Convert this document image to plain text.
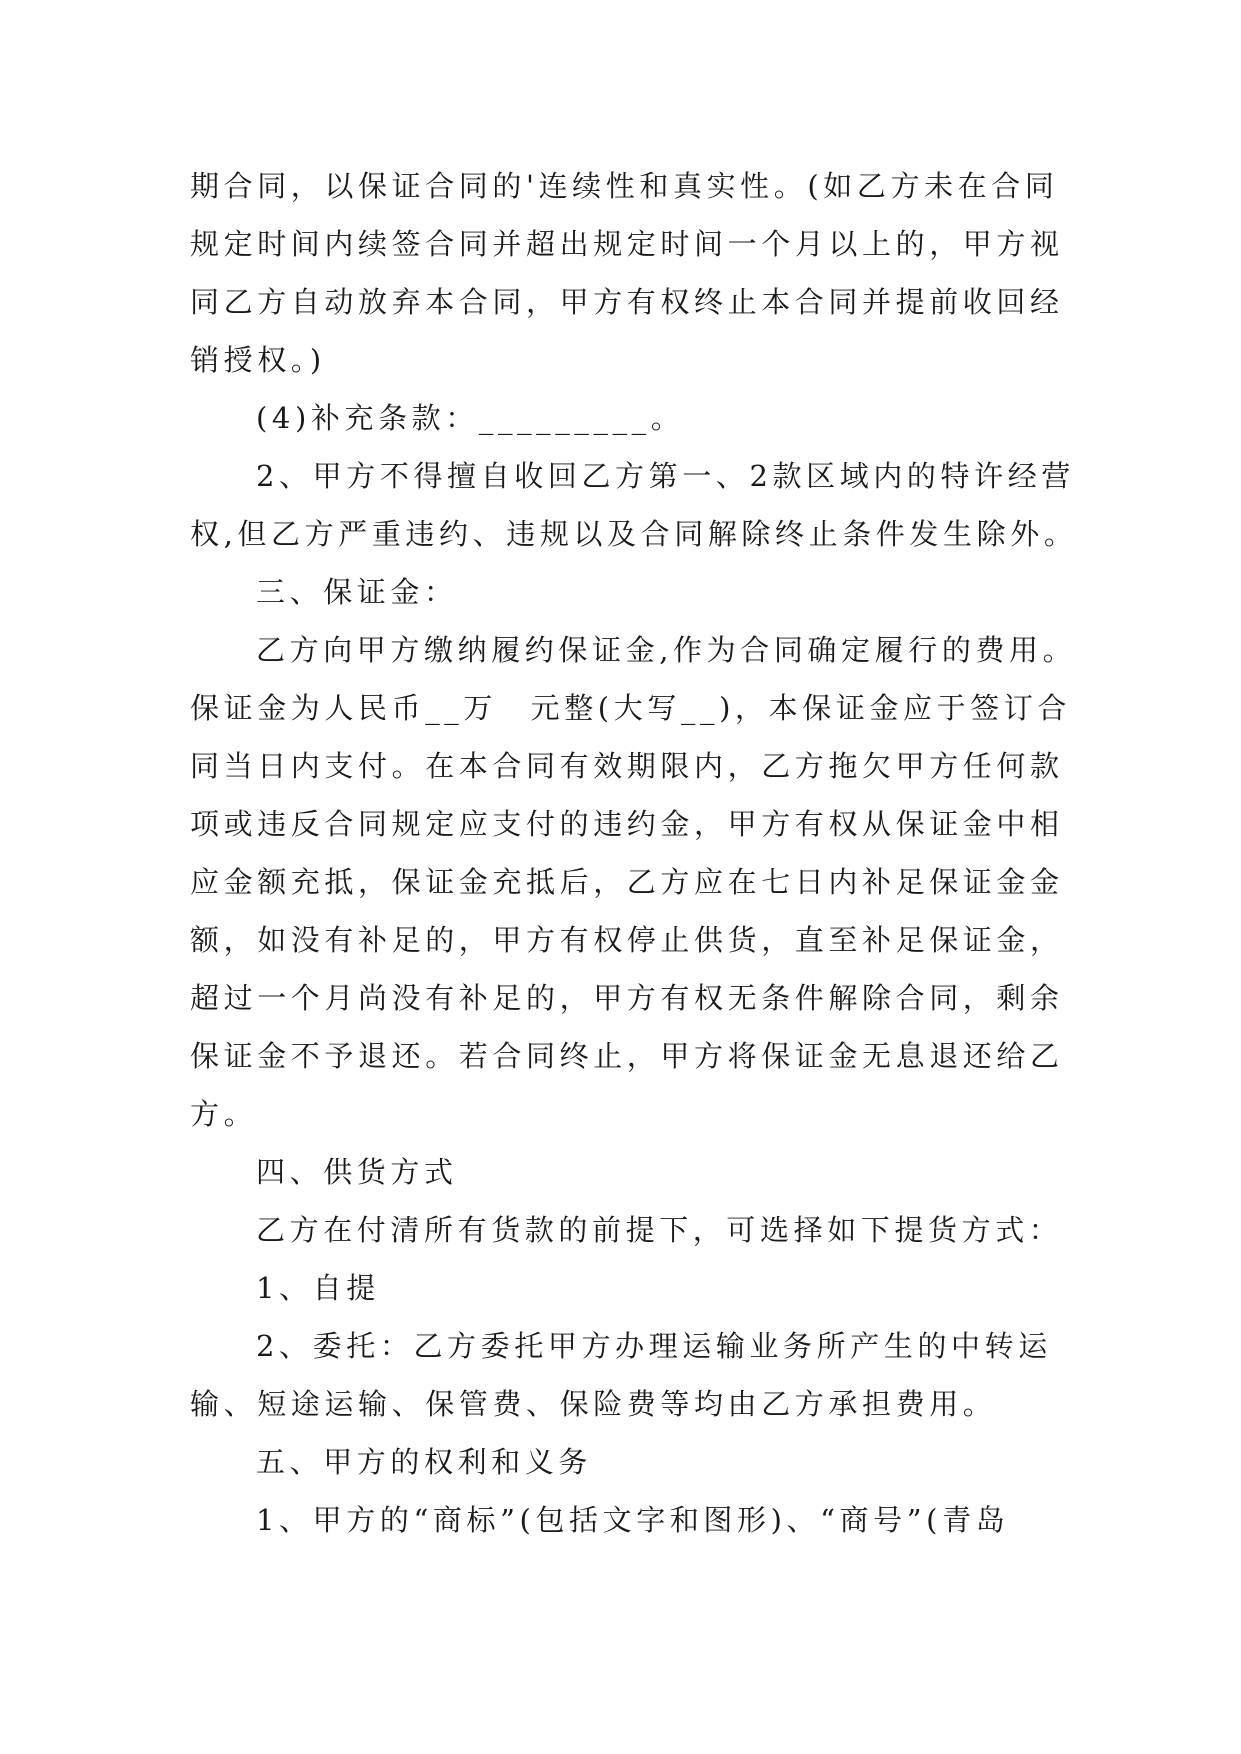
期合同，以保证合同的'连续性和真实性。(如乙方未在合同
规定时间内续签合同并超出规定时间一个月以上的，甲方视
同乙方自动放弃本合同，甲方有权终止本合同并提前收回经
销授权。)
(4)补充条款：_________。
2、甲方不得擅自收回乙方第一、2款区域内的特许经营
权,但乙方严重违约、违规以及合同解除终止条件发生除外。
三、保证金：
乙方向甲方缴纳履约保证金,作为合同确定履行的费用。
保证金为人民币__万　元整(大写__)，本保证金应于签订合
同当日内支付。在本合同有效期限内，乙方拖欠甲方任何款
项或违反合同规定应支付的违约金，甲方有权从保证金中相
应金额充抵，保证金充抵后，乙方应在七日内补足保证金金
额，如没有补足的，甲方有权停止供货，直至补足保证金，
超过一个月尚没有补足的，甲方有权无条件解除合同，剩余
保证金不予退还。若合同终止，甲方将保证金无息退还给乙
方。
四、供货方式
乙方在付清所有货款的前提下，可选择如下提货方式：
1、自提
2、委托：乙方委托甲方办理运输业务所产生的中转运
输、短途运输、保管费、保险费等均由乙方承担费用。
五、甲方的权利和义务
1、甲方的“商标”(包括文字和图形)、“商号”(青岛
